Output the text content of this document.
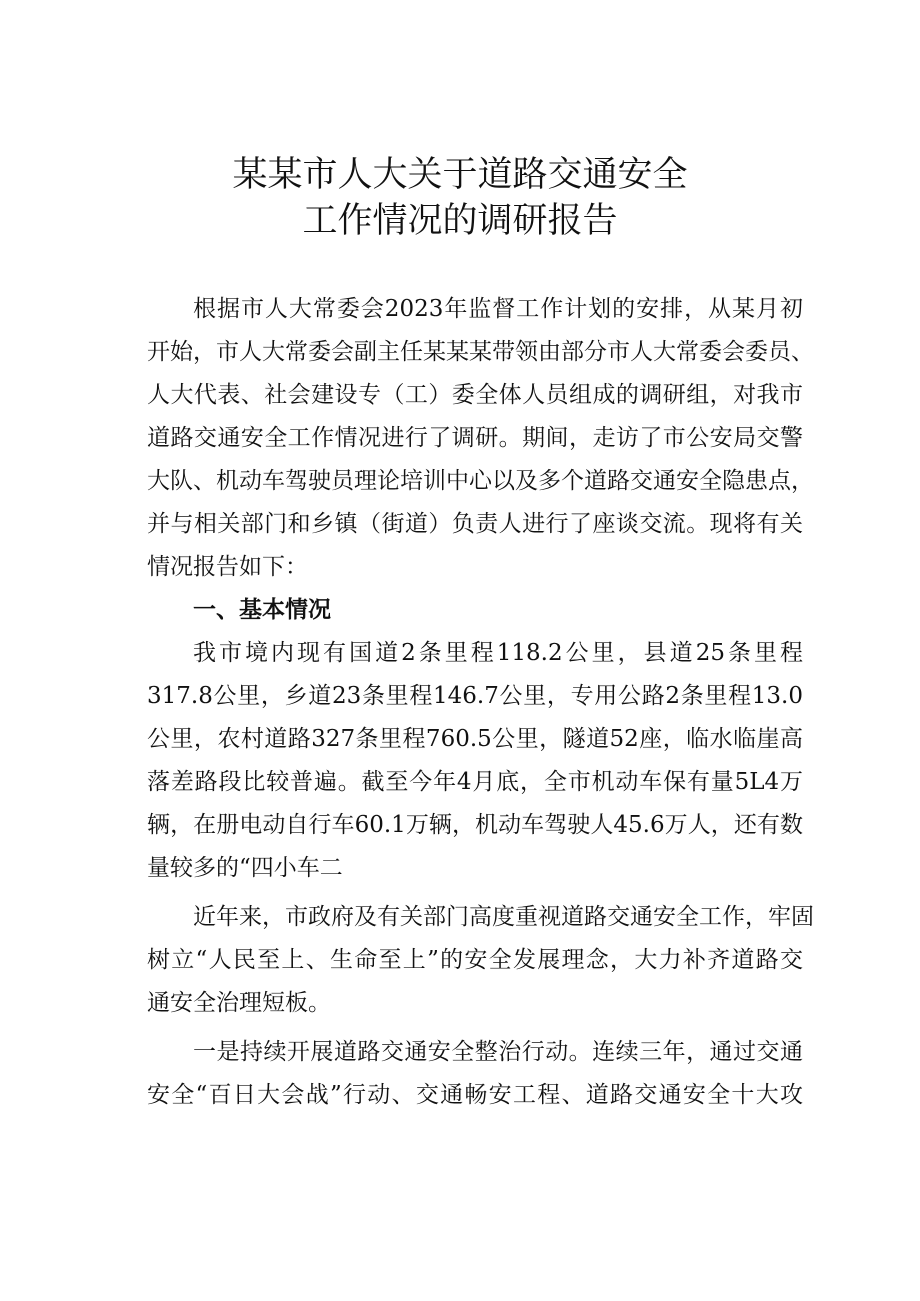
某某市人大关于道路交通安全
工作情况的调研报告
根据市人大常委会2023年监督工作计划的安排，从某月初
开始，市人大常委会副主任某某某带领由部分市人大常委会委员、
人大代表、社会建设专（工）委全体人员组成的调研组，对我市
道路交通安全工作情况进行了调研。期间，走访了市公安局交警
大队、机动车驾驶员理论培训中心以及多个道路交通安全隐患点，
并与相关部门和乡镇（街道）负责人进行了座谈交流。现将有关
情况报告如下：
一、基本情况
我市境内现有国道2条里程118.2公里，县道25条里程
317.8公里，乡道23条里程146.7公里，专用公路2条里程13.0
公里，农村道路327条里程760.5公里，隧道52座，临水临崖高
落差路段比较普遍。截至今年4月底，全市机动车保有量5L4万
辆，在册电动自行车60.1万辆，机动车驾驶人45.6万人，还有数
量较多的“四小车二
近年来，市政府及有关部门高度重视道路交通安全工作，牢固
树立“人民至上、生命至上”的安全发展理念，大力补齐道路交
通安全治理短板。
一是持续开展道路交通安全整治行动。连续三年，通过交通
安全“百日大会战”行动、交通畅安工程、道路交通安全十大攻
